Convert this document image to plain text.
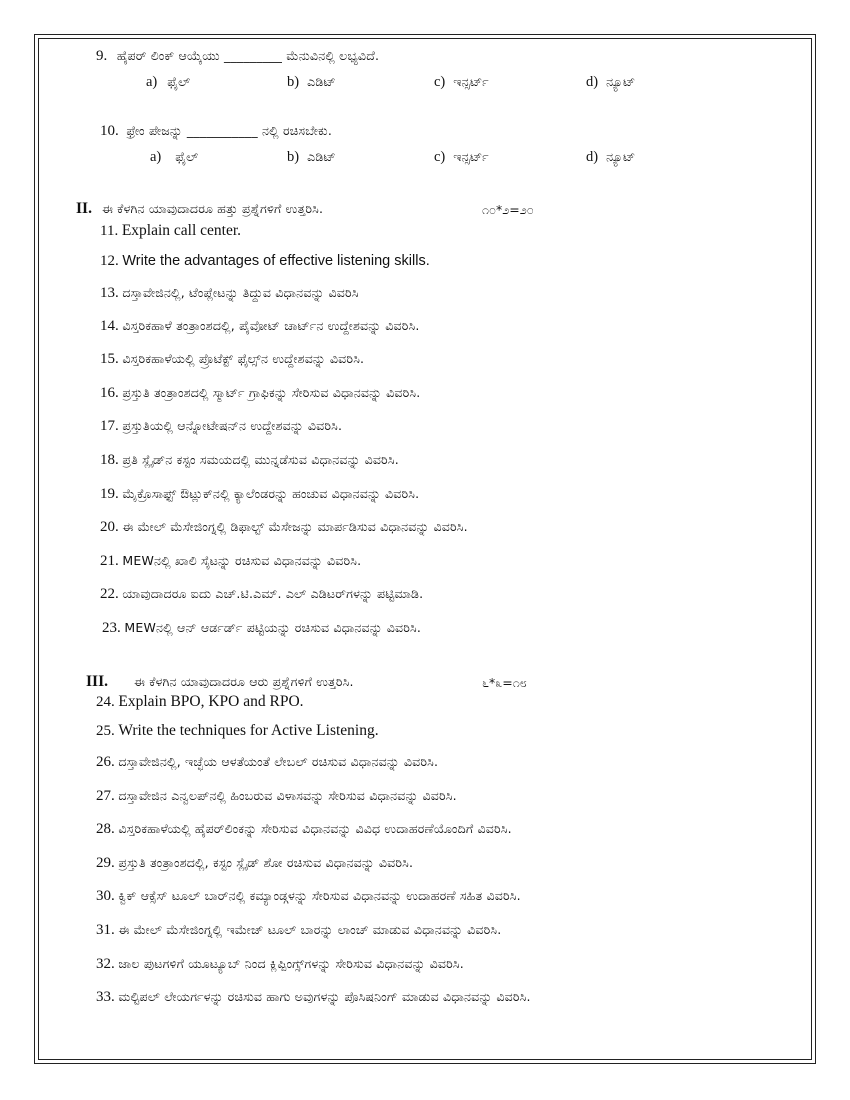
9. ಹೈಪರ್ ಲಿಂಕ್ ಆಯ್ಕೆಯು _________ ಮೆನುವಿನಲ್ಲಿ ಲಭ್ಯವಿದೆ.
a) ಫೈಲ್	b) ಎಡಿಟ್	c) ಇನ್ಸರ್ಟ್	d) ನ್ಯೂಟ್
10. ಫ್ರೇಂ ಪೇಜನ್ನು ___________ ನಲ್ಲಿ ರಚಿಸಬೇಕು.
a) ಫೈಲ್	b) ಎಡಿಟ್	c) ಇನ್ಸರ್ಟ್	d) ನ್ಯೂಟ್
II. ಈ ಕೆಳಗಿನ ಯಾವುದಾದರೂ ಹತ್ತು ಪ್ರಶ್ನೆಗಳಿಗೆ ಉತ್ತರಿಸಿ.	೧೦*೨=೨೦
11. Explain call center.
12. Write the advantages of effective listening skills.
13. ದಸ್ತಾವೇಜಿನಲ್ಲಿ, ಟೆಂಪ್ಲೇಟನ್ನು ತಿದ್ದುವ ವಿಧಾನವನ್ನು ವಿವರಿಸಿ
14. ವಿಸ್ತರಿಕಹಾಳೆ ತಂತ್ರಾಂಶದಲ್ಲಿ, ಪೈವೋಟ್ ಚಾರ್ಟ್‌ನ ಉದ್ದೇಶವನ್ನು ವಿವರಿಸಿ.
15. ವಿಸ್ತರಿಕಹಾಳೆಯಲ್ಲಿ ಪ್ರೊಟೆಕ್ಟ್ ಫೈಲ್ಸ್‌ನ ಉದ್ದೇಶವನ್ನು ವಿವರಿಸಿ.
16. ಪ್ರಸ್ತುತಿ ತಂತ್ರಾಂಶದಲ್ಲಿ ಸ್ಮಾರ್ಟ್ ಗ್ರಾಫಿಕನ್ನು ಸೇರಿಸುವ ವಿಧಾನವನ್ನು ವಿವರಿಸಿ.
17. ಪ್ರಸ್ತುತಿಯಲ್ಲಿ ಆನ್ನೋಟೇಷನ್‌ನ ಉದ್ದೇಶವನ್ನು ವಿವರಿಸಿ.
18. ಪ್ರತಿ ಸ್ಲೈಡ್‌ನ ಕಸ್ಟಂ ಸಮಯದಲ್ಲಿ ಮುನ್ನಡೆಸುವ ವಿಧಾನವನ್ನು ವಿವರಿಸಿ.
19. ಮೈಕ್ರೊಸಾಫ್ಟ್ ಔಟ್ಲುಕ್‌ನಲ್ಲಿ ಕ್ಯಾಲೆಂಡರನ್ನು ಹಂಚುವ ವಿಧಾನವನ್ನು ವಿವರಿಸಿ.
20. ಈ ಮೇಲ್ ಮೆಸೇಜಿಂಗ್ನಲ್ಲಿ ಡಿಫಾಲ್ಟ್ ಮೆಸೇಜನ್ನು ಮಾರ್ಪಡಿಸುವ ವಿಧಾನವನ್ನು ವಿವರಿಸಿ.
21. MEWನಲ್ಲಿ ಖಾಲಿ ಸೈಟನ್ನು ರಚಿಸುವ ವಿಧಾನವನ್ನು ವಿವರಿಸಿ.
22. ಯಾವುದಾದರೂ ಐದು ಎಚ್.ಟಿ.ಎಮ್. ಎಲ್ ಎಡಿಟರ್‌ಗಳನ್ನು ಪಟ್ಟಿಮಾಡಿ.
23. MEWನಲ್ಲಿ ಆನ್ ಆರ್ಡರ್ಡ್ ಪಟ್ಟಿಯನ್ನು ರಚಿಸುವ ವಿಧಾನವನ್ನು ವಿವರಿಸಿ.
III. ಈ ಕೆಳಗಿನ ಯಾವುದಾದರೂ ಆರು ಪ್ರಶ್ನೆಗಳಿಗೆ ಉತ್ತರಿಸಿ.	೬*೩=೧೮
24. Explain BPO, KPO and RPO.
25. Write the techniques for Active Listening.
26. ದಸ್ತಾವೇಜಿನಲ್ಲಿ, ಇಚ್ಛೆಯ ಆಳತೆಯಂತೆ ಲೇಬಲ್ ರಚಿಸುವ ವಿಧಾನವನ್ನು ವಿವರಿಸಿ.
27. ದಸ್ತಾವೇಜಿನ ಎನ್ವಲಪ್‌ನಲ್ಲಿ ಹಿಂಬರುವ ವಿಳಾಸವನ್ನು ಸೇರಿಸುವ ವಿಧಾನವನ್ನು ವಿವರಿಸಿ.
28. ವಿಸ್ತರಿಕಹಾಳೆಯಲ್ಲಿ ಹೈಪರ್‌ಲಿಂಕನ್ನು ಸೇರಿಸುವ ವಿಧಾನವನ್ನು ವಿವಿಧ ಉದಾಹರಣೆಯೊಂದಿಗೆ ವಿವರಿಸಿ.
29. ಪ್ರಸ್ತುತಿ ತಂತ್ರಾಂಶದಲ್ಲಿ, ಕಸ್ಟಂ ಸ್ಲೈಡ್ ಶೋ ರಚಿಸುವ ವಿಧಾನವನ್ನು ವಿವರಿಸಿ.
30. ಕ್ವಿಕ್ ಆಕ್ಸೆಸ್ ಟೂಲ್ ಬಾರ್‌ನಲ್ಲಿ ಕಮ್ಯಾಂಡ್ಗಳನ್ನು ಸೇರಿಸುವ ವಿಧಾನವನ್ನು ಉದಾಹರಣೆ ಸಹಿತ ವಿವರಿಸಿ.
31. ಈ ಮೇಲ್ ಮೆಸೇಜಿಂಗ್ನಲ್ಲಿ ಇಮೇಜ್ ಟೂಲ್ ಬಾರನ್ನು ಲಾಂಚ್ ಮಾಡುವ ವಿಧಾನವನ್ನು ವಿವರಿಸಿ.
32. ಜಾಲ ಪುಟಗಳಿಗೆ ಯೂಟ್ಯೂಬ್ ನಿಂದ ಕ್ಲಿಪ್ಪಿಂಗ್ಸ್‌ಗಳನ್ನು ಸೇರಿಸುವ ವಿಧಾನವನ್ನು ವಿವರಿಸಿ.
33. ಮಲ್ಟಿಪಲ್ ಲೇಯರ್ಗಳನ್ನು ರಚಿಸುವ ಹಾಗು ಅವುಗಳನ್ನು ಪೊಸಿಷನಿಂಗ್ ಮಾಡುವ ವಿಧಾನವನ್ನು ವಿವರಿಸಿ.
